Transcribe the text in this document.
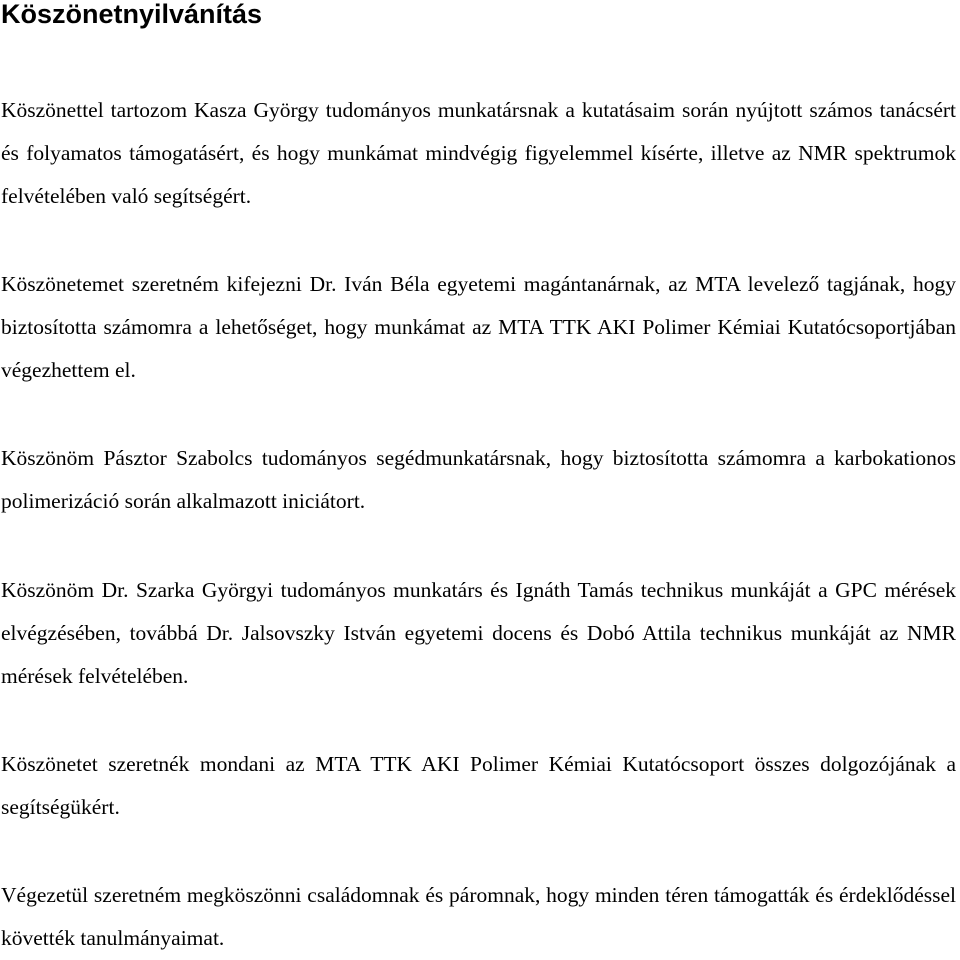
Köszönetnyilvánítás

Köszönettel tartozom Kasza György tudományos munkatársnak a kutatásaim során nyújtott számos tanácsért és folyamatos támogatásért, és hogy munkámat mindvégig figyelemmel kísérte, illetve az NMR spektrumok felvételében való segítségért.

Köszönetemet szeretném kifejezni Dr. Iván Béla egyetemi magántanárnak, az MTA levelező tagjának, hogy biztosította számomra a lehetőséget, hogy munkámat az MTA TTK AKI Polimer Kémiai Kutatócsoportjában végezhettem el.

Köszönöm Pásztor Szabolcs tudományos segédmunkatársnak, hogy biztosította számomra a karbokationos polimerizáció során alkalmazott iniciátort.

Köszönöm Dr. Szarka Györgyi tudományos munkatárs és Ignáth Tamás technikus munkáját a GPC mérések elvégzésében, továbbá Dr. Jalsovszky István egyetemi docens és Dobó Attila technikus munkáját az NMR mérések felvételében.

Köszönetet szeretnék mondani az MTA TTK AKI Polimer Kémiai Kutatócsoport összes dolgozójának a segítségükért.

Végezetül szeretném megköszönni családomnak és páromnak, hogy minden téren támogatták és érdeklődéssel követték tanulmányaimat.
